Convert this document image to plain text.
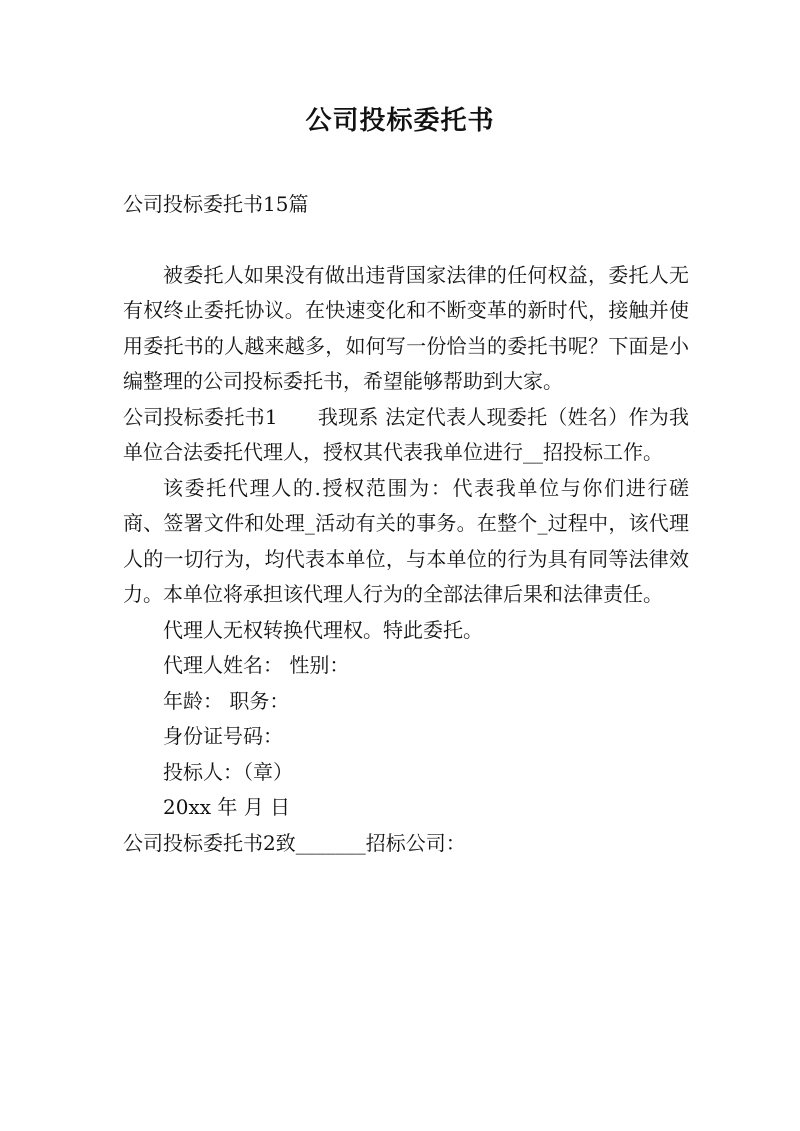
公司投标委托书

公司投标委托书15篇

被委托人如果没有做出违背国家法律的任何权益，委托人无有权终止委托协议。在快速变化和不断变革的新时代，接触并使用委托书的人越来越多，如何写一份恰当的委托书呢？下面是小编整理的公司投标委托书，希望能够帮助到大家。

公司投标委托书1 我现系 法定代表人现委托（姓名）作为我单位合法委托代理人，授权其代表我单位进行__招投标工作。

该委托代理人的.授权范围为：代表我单位与你们进行磋商、签署文件和处理_活动有关的事务。在整个_过程中，该代理人的一切行为，均代表本单位，与本单位的行为具有同等法律效力。本单位将承担该代理人行为的全部法律后果和法律责任。

代理人无权转换代理权。特此委托。

代理人姓名： 性别：

年龄： 职务：

身份证号码：

投标人：（章）

20xx 年 月 日

公司投标委托书2致_______招标公司：
